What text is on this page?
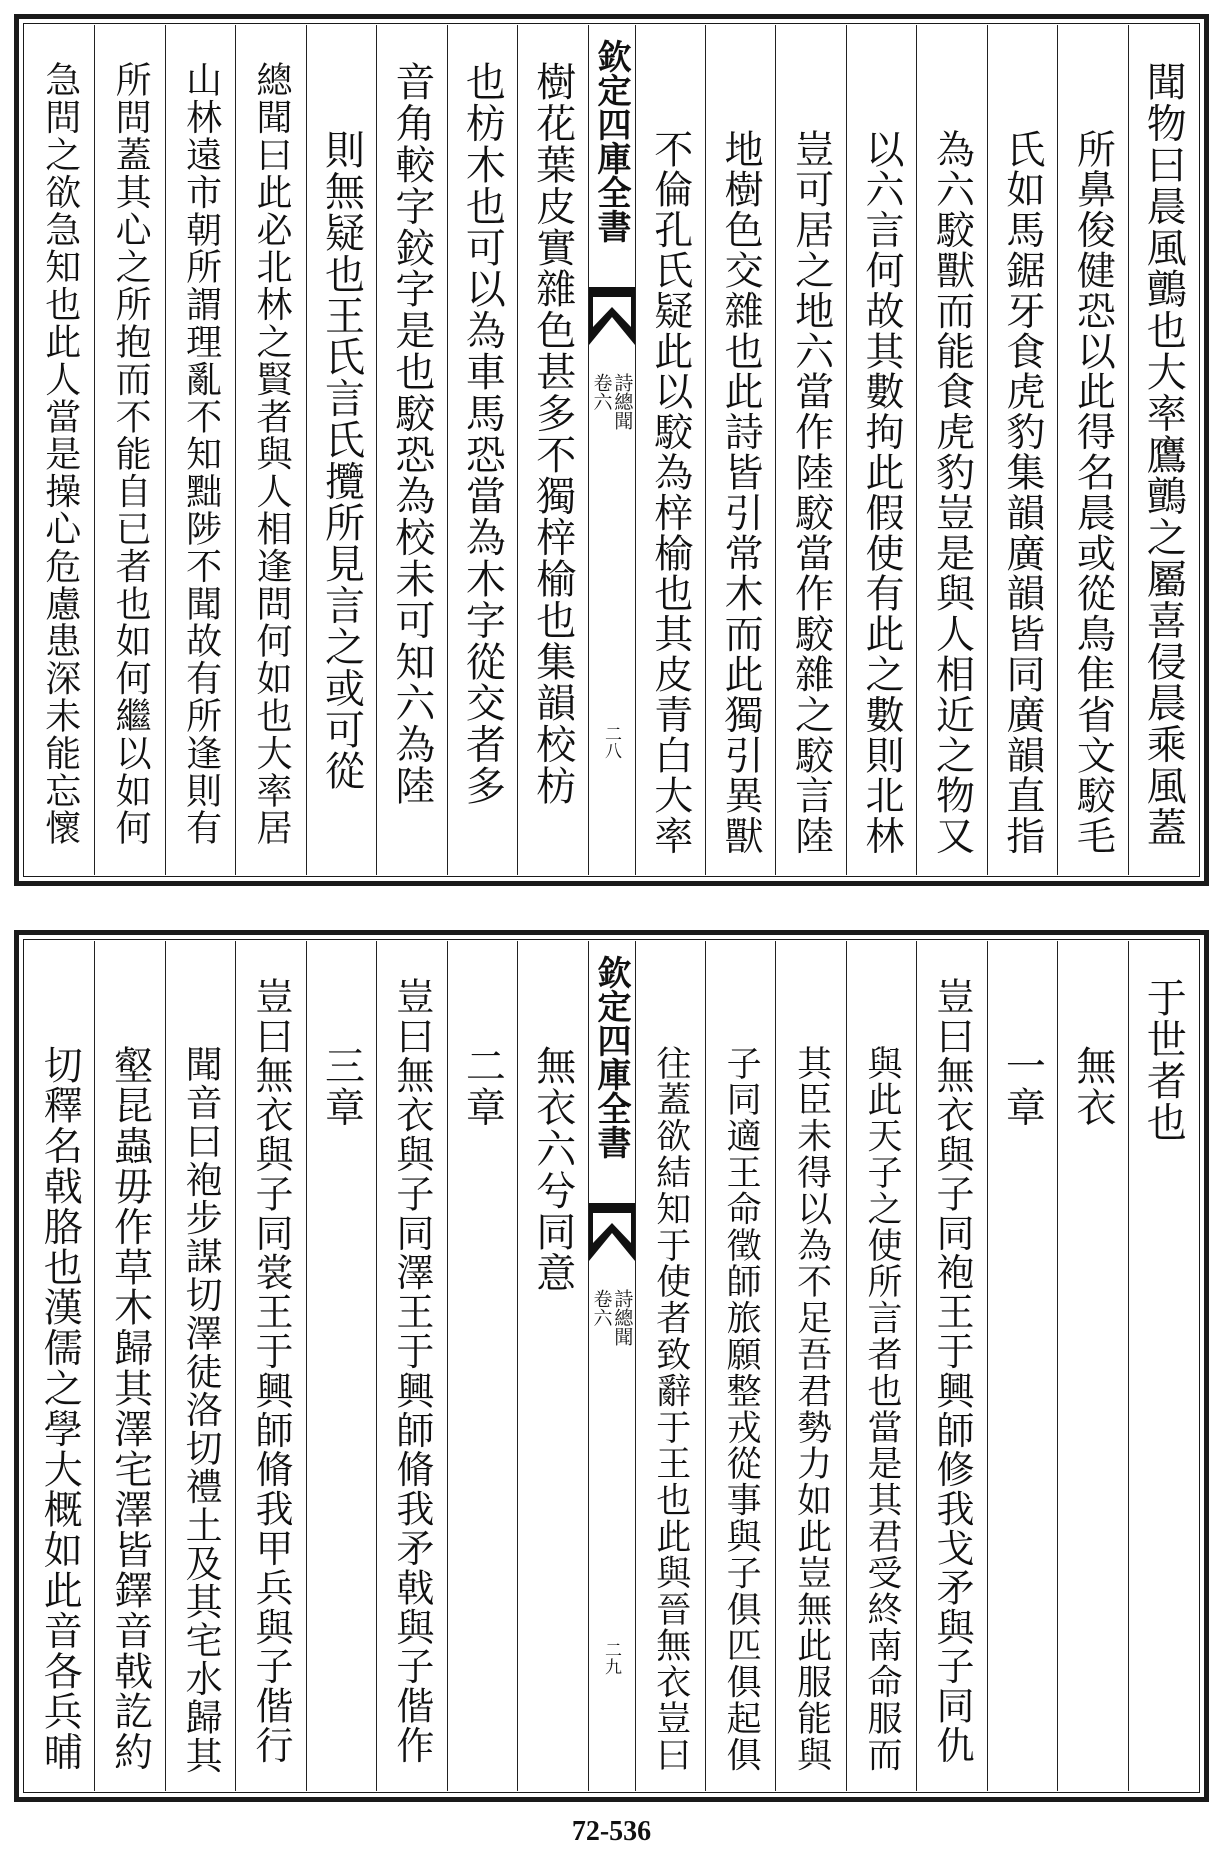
聞物曰晨風鸇也大率鷹鸇之屬喜侵晨乘風蓋
所鼻俊健恐以此得名晨或從鳥隹省文駮毛
氏如馬鋸牙食虎豹集韻廣韻皆同廣韻直指
為六駮獸而能食虎豹豈是與人相近之物又
以六言何故其數拘此假使有此之數則北林
豈可居之地六當作陸駮當作駮雜之駮言陸
地樹色交雜也此詩皆引常木而此獨引異獸
不倫孔氏疑此以駮為梓榆也其皮青白大率
欽定四庫全書
詩總聞 卷六
二八
樹花葉皮實雜色甚多不獨梓榆也集韻校枋
也枋木也可以為車馬恐當為木字從交者多
音角較字鉸字是也駮恐為校未可知六為陸
則無疑也王氏言氏攬所見言之或可從
總聞曰此必北林之賢者與人相逢問何如也大率居
山林遠市朝所謂理亂不知黜陟不聞故有所逢則有
所問蓋其心之所抱而不能自已者也如何繼以如何
急問之欲急知也此人當是操心危慮患深未能忘懷
于世者也
無衣
一章
豈曰無衣與子同袍王于興師修我戈矛與子同仇
與此天子之使所言者也當是其君受終南命服而
其臣未得以為不足吾君勢力如此豈無此服能與
子同適王命徵師旅願整戎從事與子俱匹俱起俱
往蓋欲結知于使者致辭于王也此與晉無衣豈曰
欽定四庫全書
詩總聞 卷六
二九
無衣六兮同意
二章
豈曰無衣與子同澤王于興師脩我矛戟與子偕作
三章
豈曰無衣與子同裳王于興師脩我甲兵與子偕行
聞音曰袍步謀切澤徒洛切禮土及其宅水歸其
壑昆蟲毋作草木歸其澤宅澤皆鐸音戟訖約
切釋名戟胳也漢儒之學大概如此音各兵晡
72-536
